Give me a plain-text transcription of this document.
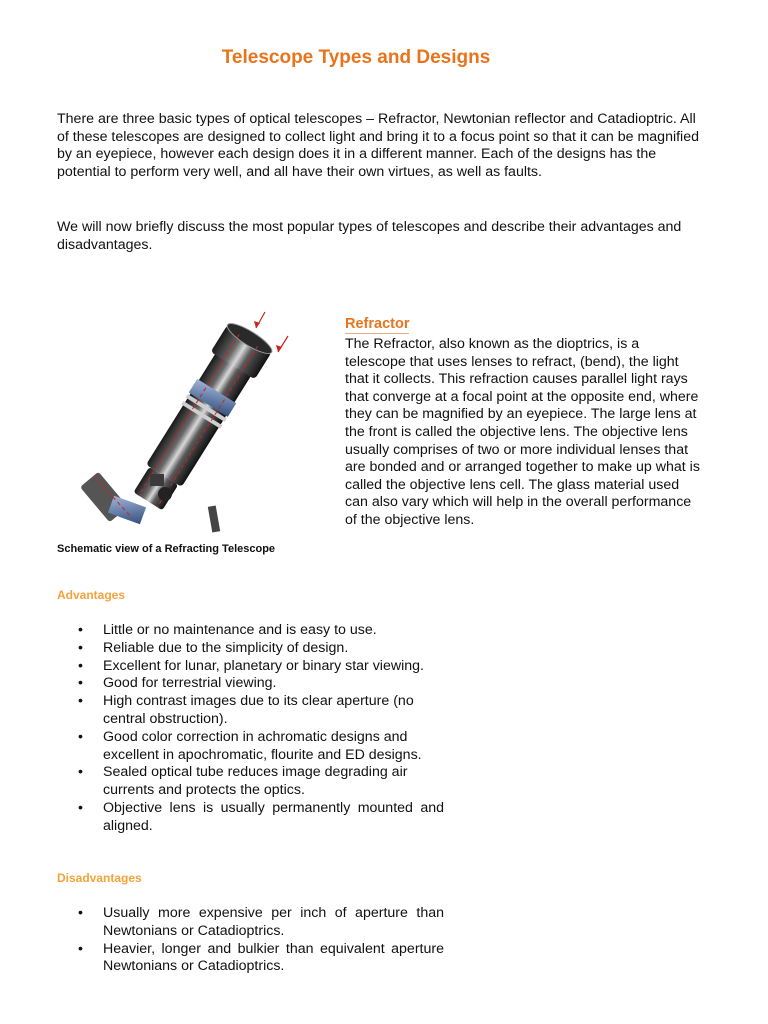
Telescope Types and Designs

There are three basic types of optical telescopes – Refractor, Newtonian reflector and Catadioptric. All of these telescopes are designed to collect light and bring it to a focus point so that it can be magnified by an eyepiece, however each design does it in a different manner. Each of the designs has the potential to perform very well, and all have their own virtues, as well as faults.

We will now briefly discuss the most popular types of telescopes and describe their advantages and disadvantages.

Schematic view of a Refracting Telescope

Refractor

The Refractor, also known as the dioptrics, is a telescope that uses lenses to refract, (bend), the light that it collects. This refraction causes parallel light rays that converge at a focal point at the opposite end, where they can be magnified by an eyepiece. The large lens at the front is called the objective lens. The objective lens usually comprises of two or more individual lenses that are bonded and or arranged together to make up what is called the objective lens cell. The glass material used can also vary which will help in the overall performance of the objective lens.

Advantages
• Little or no maintenance and is easy to use.
• Reliable due to the simplicity of design.
• Excellent for lunar, planetary or binary star viewing.
• Good for terrestrial viewing.
• High contrast images due to its clear aperture (no central obstruction).
• Good color correction in achromatic designs and excellent in apochromatic, flourite and ED designs.
• Sealed optical tube reduces image degrading air currents and protects the optics.
• Objective lens is usually permanently mounted and aligned.
Disadvantages
• Usually more expensive per inch of aperture than Newtonians or Catadioptrics.
• Heavier, longer and bulkier than equivalent aperture Newtonians or Catadioptrics.
